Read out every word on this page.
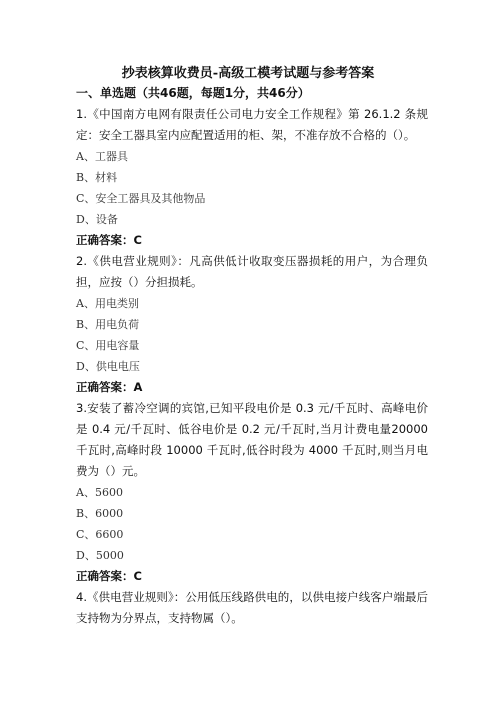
抄表核算收费员-高级工模考试题与参考答案
一、单选题（共46题，每题1分，共46分）

1.《中国南方电网有限责任公司电力安全工作规程》第 26.1.2 条规定：安全工器具室内应配置适用的柜、架，不准存放不合格的（）。

A、工器具
B、材料
C、安全工器具及其他物品
D、设备
正确答案：C

2.《供电营业规则》：凡高供低计收取变压器损耗的用户，为合理负担，应按（）分担损耗。

A、用电类别
B、用电负荷
C、用电容量
D、供电电压
正确答案：A

3.安装了蓄冷空调的宾馆,已知平段电价是 0.3 元/千瓦时、高峰电价是 0.4 元/千瓦时、低谷电价是 0.2 元/千瓦时,当月计费电量20000 千瓦时,高峰时段 10000 千瓦时,低谷时段为 4000 千瓦时,则当月电费为（）元。

A、5600
B、6000
C、6600
D、5000
正确答案：C

4.《供电营业规则》：公用低压线路供电的，以供电接户线客户端最后支持物为分界点，支持物属（）。
